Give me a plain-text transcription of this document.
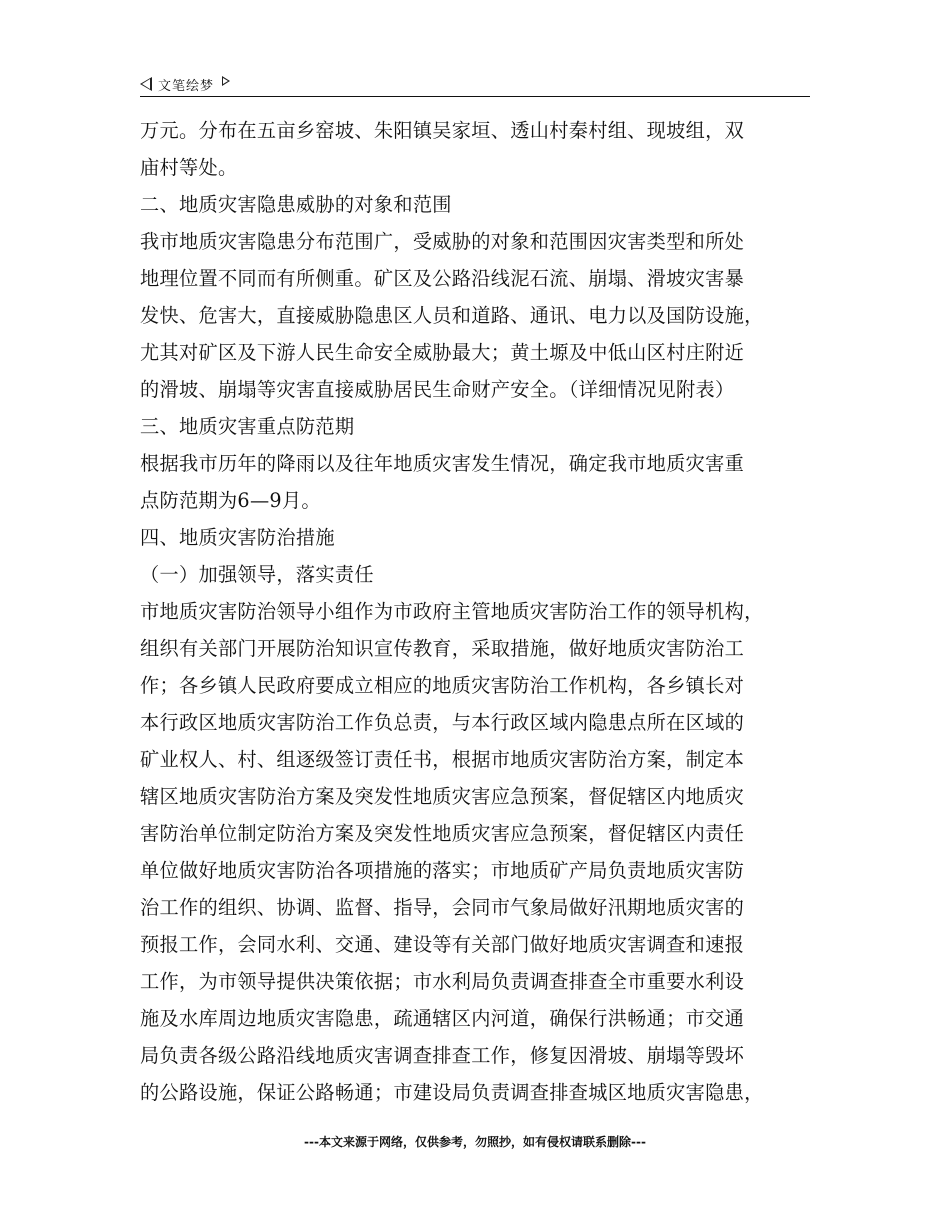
文笔绘梦
万元。分布在五亩乡窑坡、朱阳镇吴家垣、透山村秦村组、现坡组，双
庙村等处。
二、地质灾害隐患威胁的对象和范围
我市地质灾害隐患分布范围广，受威胁的对象和范围因灾害类型和所处
地理位置不同而有所侧重。矿区及公路沿线泥石流、崩塌、滑坡灾害暴
发快、危害大，直接威胁隐患区人员和道路、通讯、电力以及国防设施，
尤其对矿区及下游人民生命安全威胁最大；黄土塬及中低山区村庄附近
的滑坡、崩塌等灾害直接威胁居民生命财产安全。（详细情况见附表）
三、地质灾害重点防范期
根据我市历年的降雨以及往年地质灾害发生情况，确定我市地质灾害重
点防范期为6—9月。
四、地质灾害防治措施
（一）加强领导，落实责任
市地质灾害防治领导小组作为市政府主管地质灾害防治工作的领导机构，
组织有关部门开展防治知识宣传教育，采取措施，做好地质灾害防治工
作；各乡镇人民政府要成立相应的地质灾害防治工作机构，各乡镇长对
本行政区地质灾害防治工作负总责，与本行政区域内隐患点所在区域的
矿业权人、村、组逐级签订责任书，根据市地质灾害防治方案，制定本
辖区地质灾害防治方案及突发性地质灾害应急预案，督促辖区内地质灾
害防治单位制定防治方案及突发性地质灾害应急预案，督促辖区内责任
单位做好地质灾害防治各项措施的落实；市地质矿产局负责地质灾害防
治工作的组织、协调、监督、指导，会同市气象局做好汛期地质灾害的
预报工作，会同水利、交通、建设等有关部门做好地质灾害调查和速报
工作，为市领导提供决策依据；市水利局负责调查排查全市重要水利设
施及水库周边地质灾害隐患，疏通辖区内河道，确保行洪畅通；市交通
局负责各级公路沿线地质灾害调查排查工作，修复因滑坡、崩塌等毁坏
的公路设施，保证公路畅通；市建设局负责调查排查城区地质灾害隐患，
---本文来源于网络，仅供参考，勿照抄，如有侵权请联系删除---
